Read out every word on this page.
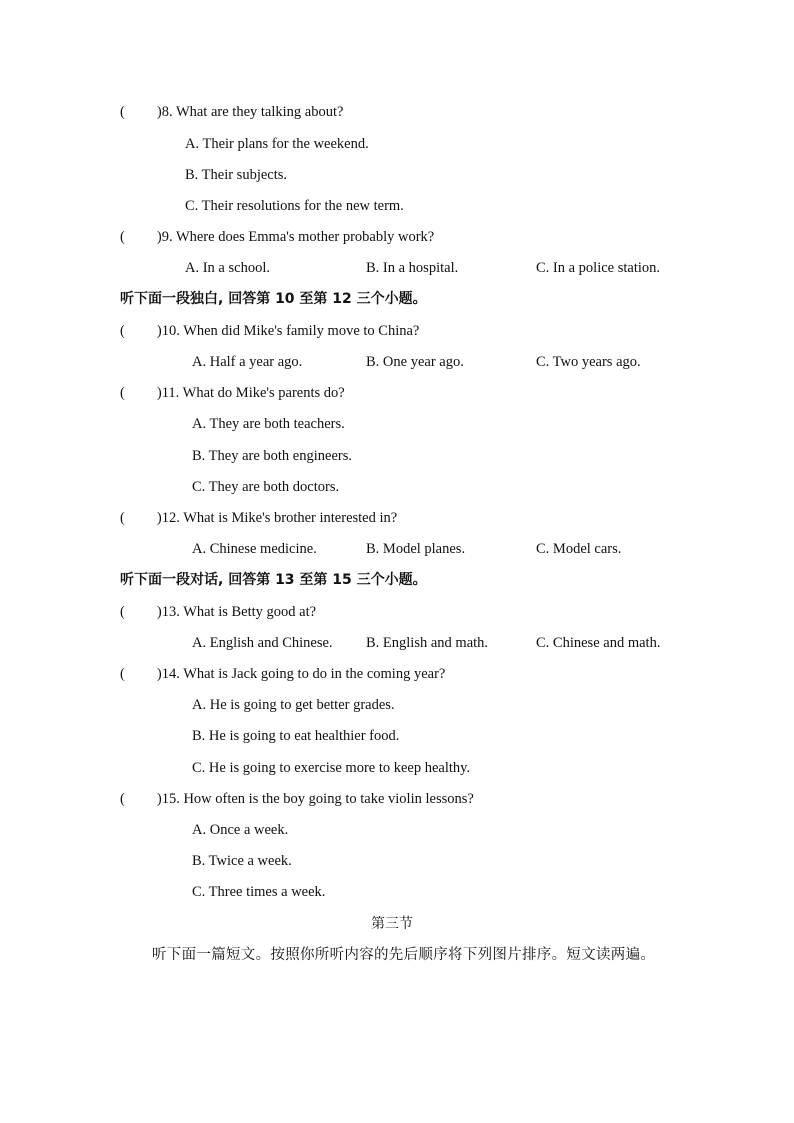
( )8. What are they talking about?
A. Their plans for the weekend.
B. Their subjects.
C. Their resolutions for the new term.
( )9. Where does Emma's mother probably work?
A. In a school.	B. In a hospital.	C. In a police station.
听下面一段独白, 回答第 10 至第 12 三个小题。
( )10. When did Mike's family move to China?
A. Half a year ago.	B. One year ago.	C. Two years ago.
( )11. What do Mike's parents do?
A. They are both teachers.
B. They are both engineers.
C. They are both doctors.
( )12. What is Mike's brother interested in?
A. Chinese medicine.	B. Model planes.	C. Model cars.
听下面一段对话, 回答第 13 至第 15 三个小题。
( )13. What is Betty good at?
A. English and Chinese. B. English and math.	C. Chinese and math.
( )14. What is Jack going to do in the coming year?
A. He is going to get better grades.
B. He is going to eat healthier food.
C. He is going to exercise more to keep healthy.
( )15. How often is the boy going to take violin lessons?
A. Once a week.
B. Twice a week.
C. Three times a week.
第三节
听下面一篇短文。按照你所听内容的先后顺序将下列图片排序。短文读两遍。
